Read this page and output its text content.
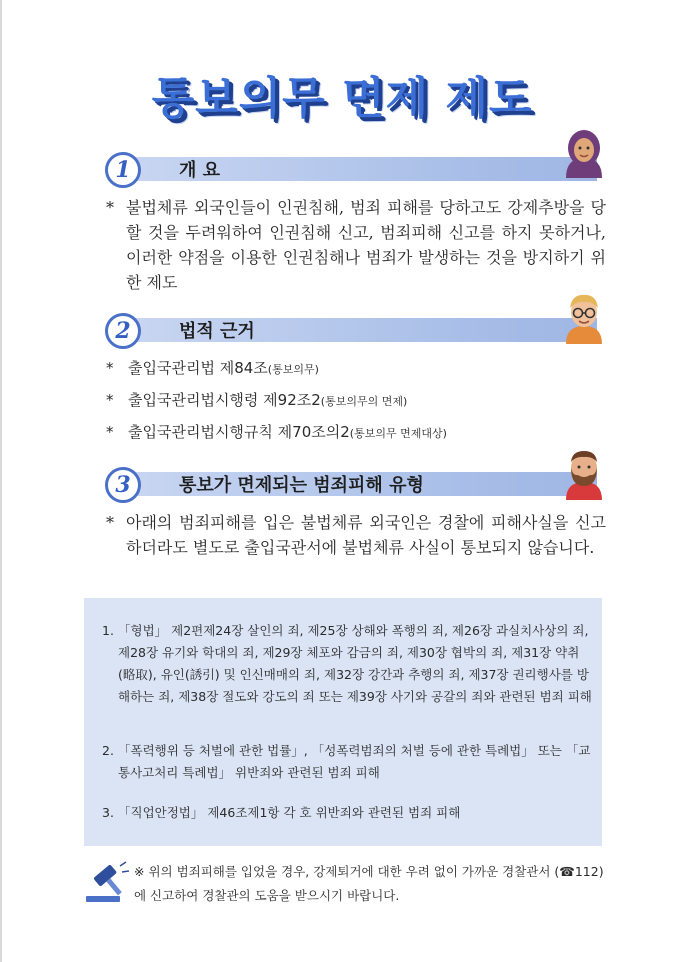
통보의무 면제 제도
1	개 요
* 불법체류 외국인들이 인권침해, 범죄 피해를 당하고도 강제추방을 당할 것을 두려워하여 인권침해 신고, 범죄피해 신고를 하지 못하거나, 이러한 약점을 이용한 인권침해나 범죄가 발생하는 것을 방지하기 위한 제도
2	법적 근거
* 출입국관리법 제84조(통보의무)
* 출입국관리법시행령 제92조2(통보의무의 면제)
* 출입국관리법시행규칙 제70조의2(통보의무 면제대상)
3	통보가 면제되는 범죄피해 유형
* 아래의 범죄피해를 입은 불법체류 외국인은 경찰에 피해사실을 신고하더라도 별도로 출입국관서에 불법체류 사실이 통보되지 않습니다.
1. 「형법」 제2편제24장 살인의 죄, 제25장 상해와 폭행의 죄, 제26장 과실치사상의 죄, 제28장 유기와 학대의 죄, 제29장 체포와 감금의 죄, 제30장 협박의 죄, 제31장 약취(略取), 유인(誘引) 및 인신매매의 죄, 제32장 강간과 추행의 죄, 제37장 권리행사를 방해하는 죄, 제38장 절도와 강도의 죄 또는 제39장 사기와 공갈의 죄와 관련된 범죄 피해
2. 「폭력행위 등 처벌에 관한 법률」, 「성폭력범죄의 처벌 등에 관한 특례법」 또는 「교통사고처리 특례법」 위반죄와 관련된 범죄 피해
3. 「직업안정법」 제46조제1항 각 호 위반죄와 관련된 범죄 피해
※ 위의 범죄피해를 입었을 경우, 강제퇴거에 대한 우려 없이 가까운 경찰관서 (☎112)에 신고하여 경찰관의 도움을 받으시기 바랍니다.
